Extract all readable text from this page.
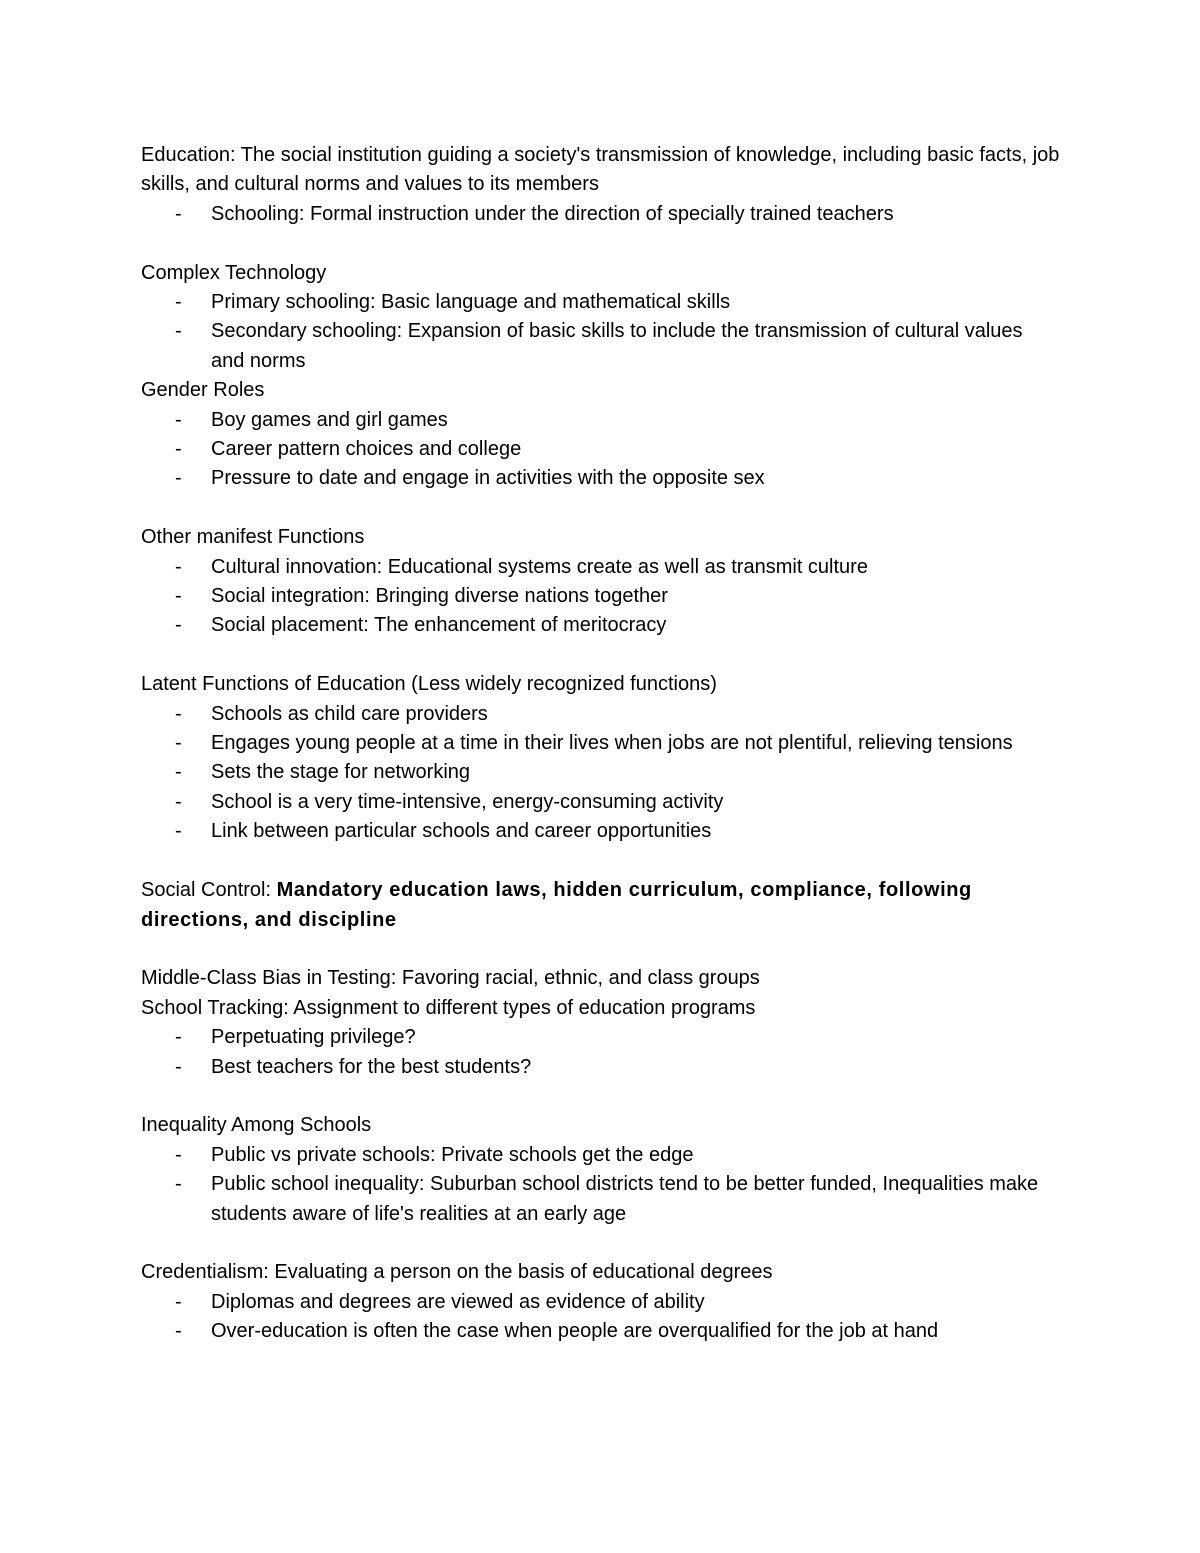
Education: The social institution guiding a society's transmission of knowledge, including basic facts, job skills, and cultural norms and values to its members

- Schooling: Formal instruction under the direction of specially trained teachers

Complex Technology

- Primary schooling: Basic language and mathematical skills
- Secondary schooling: Expansion of basic skills to include the transmission of cultural values and norms

Gender Roles

- Boy games and girl games
- Career pattern choices and college
- Pressure to date and engage in activities with the opposite sex

Other manifest Functions

- Cultural innovation: Educational systems create as well as transmit culture
- Social integration: Bringing diverse nations together
- Social placement: The enhancement of meritocracy

Latent Functions of Education (Less widely recognized functions)

- Schools as child care providers
- Engages young people at a time in their lives when jobs are not plentiful, relieving tensions
- Sets the stage for networking
- School is a very time-intensive, energy-consuming activity
- Link between particular schools and career opportunities

Social Control: Mandatory education laws, hidden curriculum, compliance, following directions, and discipline

Middle-Class Bias in Testing: Favoring racial, ethnic, and class groups

School Tracking: Assignment to different types of education programs

- Perpetuating privilege?
- Best teachers for the best students?

Inequality Among Schools

- Public vs private schools: Private schools get the edge
- Public school inequality: Suburban school districts tend to be better funded, Inequalities make students aware of life's realities at an early age

Credentialism: Evaluating a person on the basis of educational degrees

- Diplomas and degrees are viewed as evidence of ability
- Over-education is often the case when people are overqualified for the job at hand
